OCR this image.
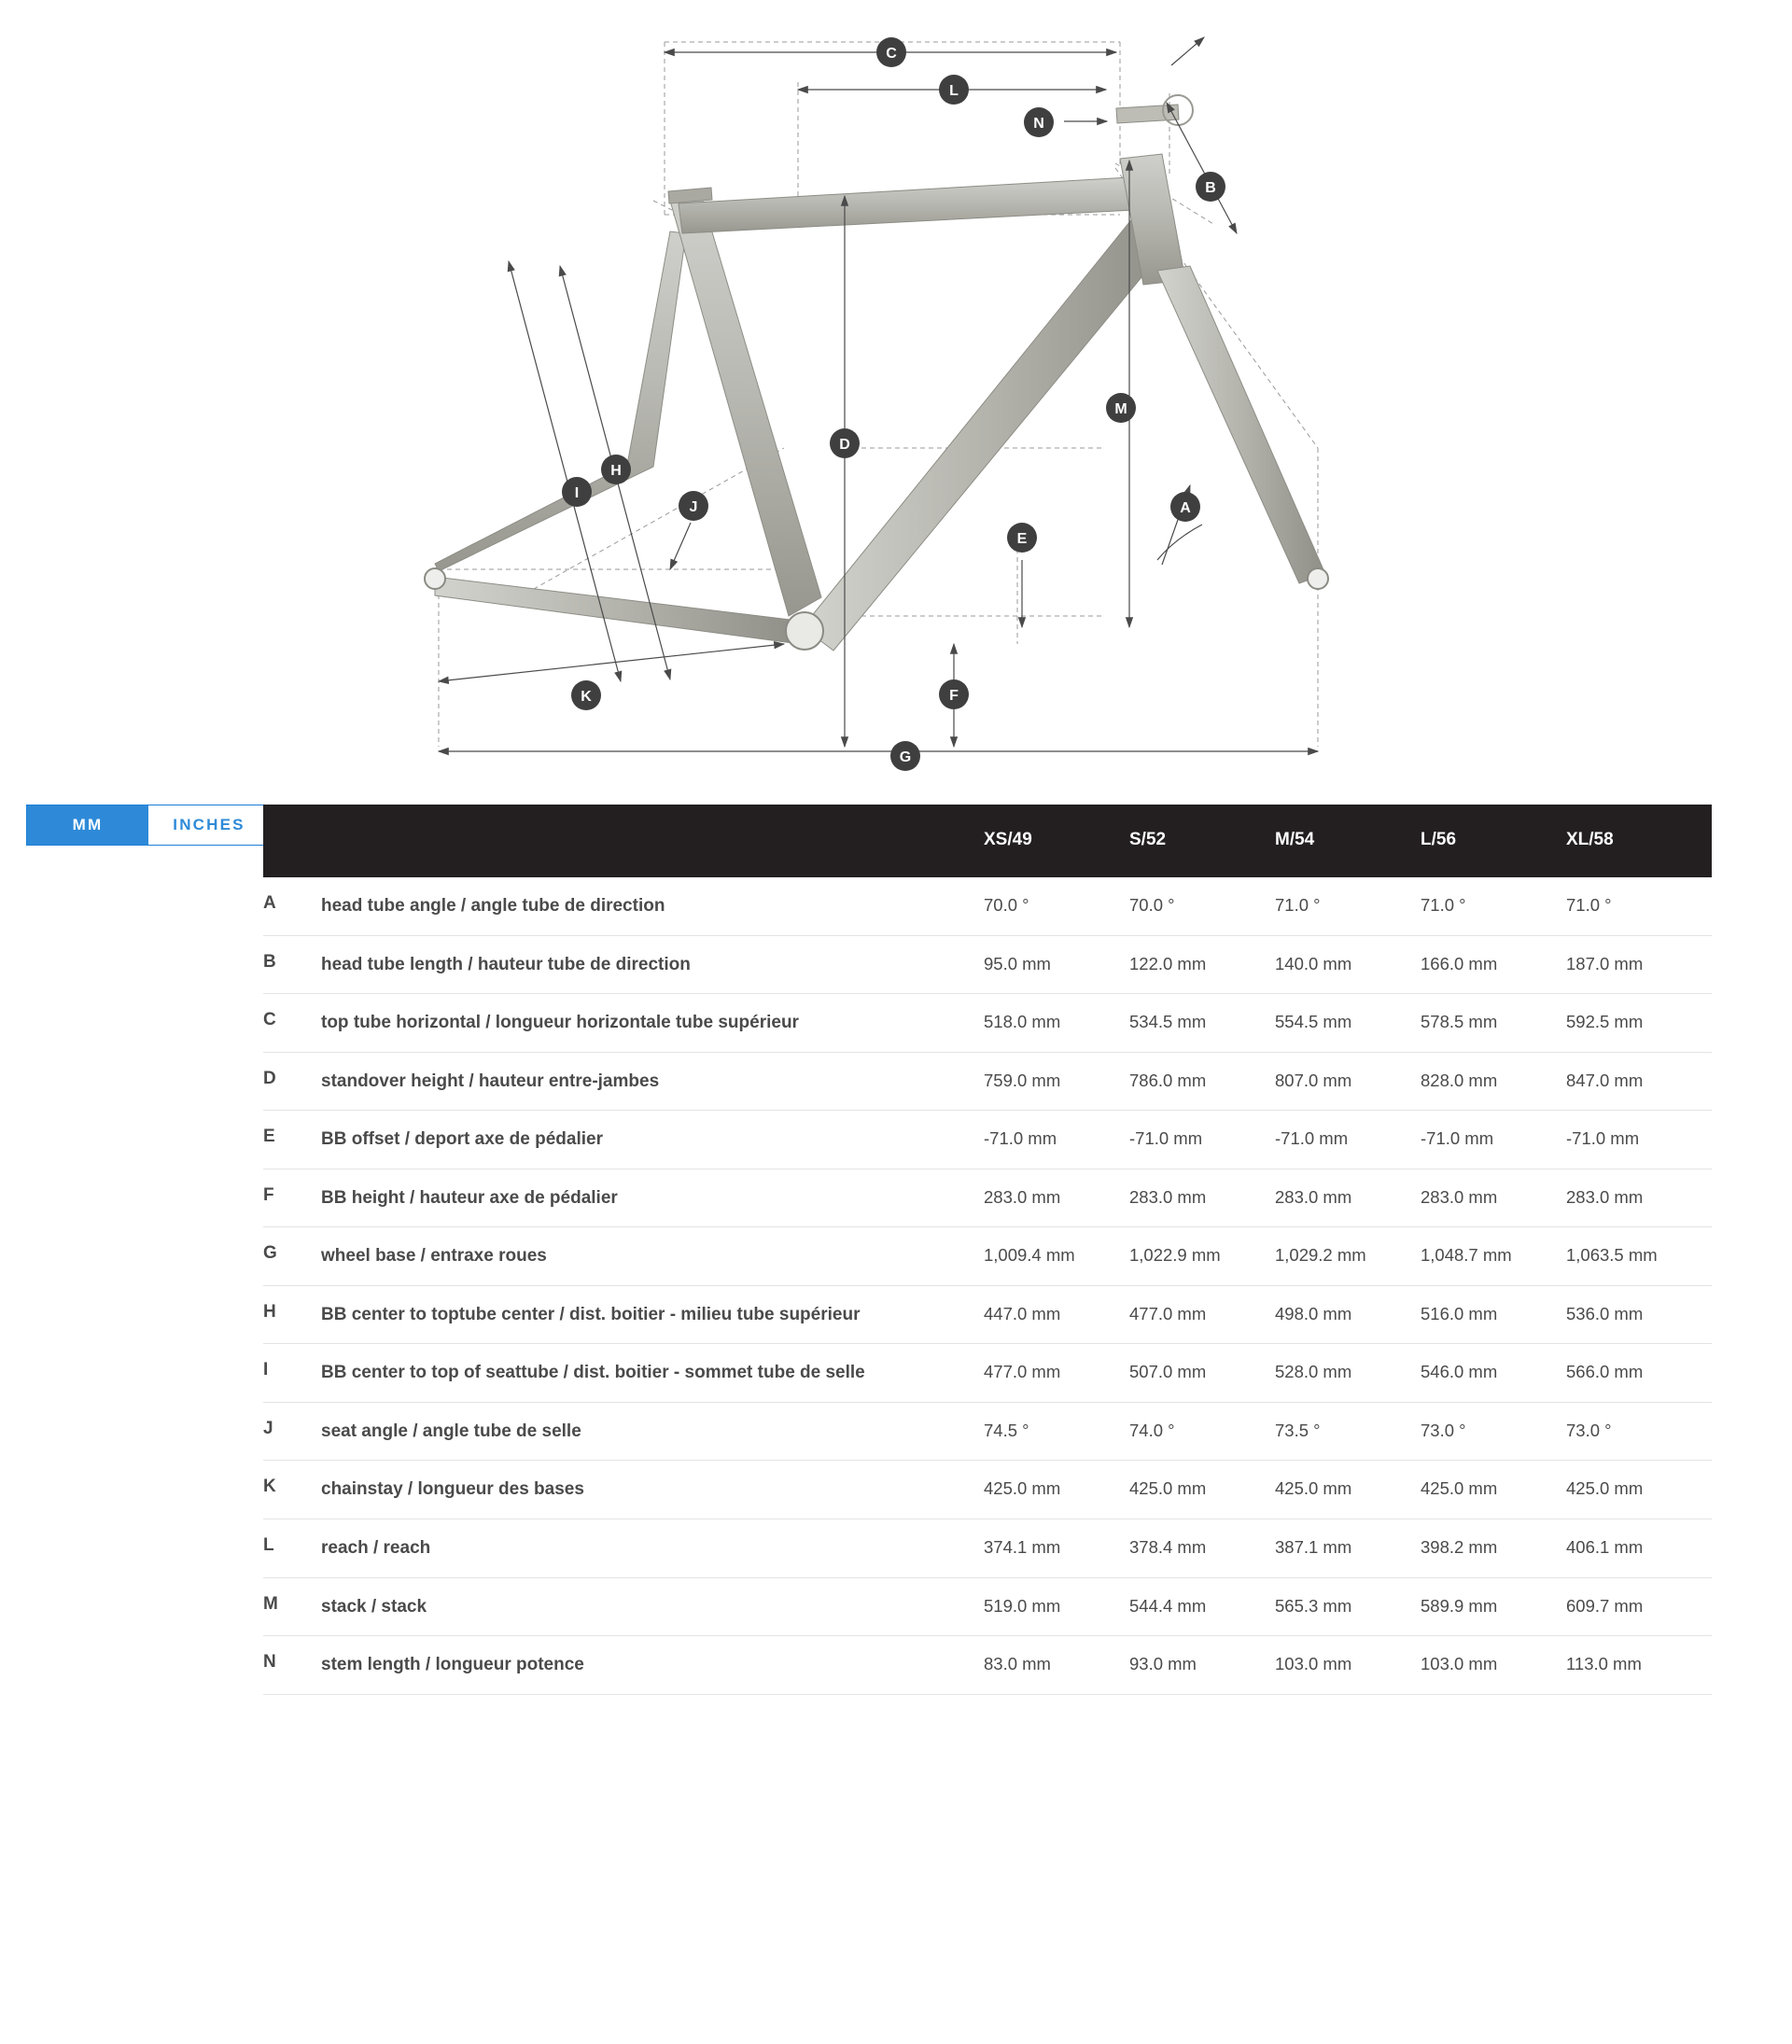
C
L
N
B
D
M
A
E
F
G
H
I
J
K
MM	INCHES
		XS/49	S/52	M/54	L/56	XL/58
A	head tube angle / angle tube de direction	70.0 °	70.0 °	71.0 °	71.0 °	71.0 °
B	head tube length / hauteur tube de direction	95.0 mm	122.0 mm	140.0 mm	166.0 mm	187.0 mm
C	top tube horizontal / longueur horizontale tube supérieur	518.0 mm	534.5 mm	554.5 mm	578.5 mm	592.5 mm
D	standover height / hauteur entre-jambes	759.0 mm	786.0 mm	807.0 mm	828.0 mm	847.0 mm
E	BB offset / deport axe de pédalier	-71.0 mm	-71.0 mm	-71.0 mm	-71.0 mm	-71.0 mm
F	BB height / hauteur axe de pédalier	283.0 mm	283.0 mm	283.0 mm	283.0 mm	283.0 mm
G	wheel base / entraxe roues	1,009.4 mm	1,022.9 mm	1,029.2 mm	1,048.7 mm	1,063.5 mm
H	BB center to toptube center / dist. boitier - milieu tube supérieur	447.0 mm	477.0 mm	498.0 mm	516.0 mm	536.0 mm
I	BB center to top of seattube / dist. boitier - sommet tube de selle	477.0 mm	507.0 mm	528.0 mm	546.0 mm	566.0 mm
J	seat angle / angle tube de selle	74.5 °	74.0 °	73.5 °	73.0 °	73.0 °
K	chainstay / longueur des bases	425.0 mm	425.0 mm	425.0 mm	425.0 mm	425.0 mm
L	reach / reach	374.1 mm	378.4 mm	387.1 mm	398.2 mm	406.1 mm
M	stack / stack	519.0 mm	544.4 mm	565.3 mm	589.9 mm	609.7 mm
N	stem length / longueur potence	83.0 mm	93.0 mm	103.0 mm	103.0 mm	113.0 mm
